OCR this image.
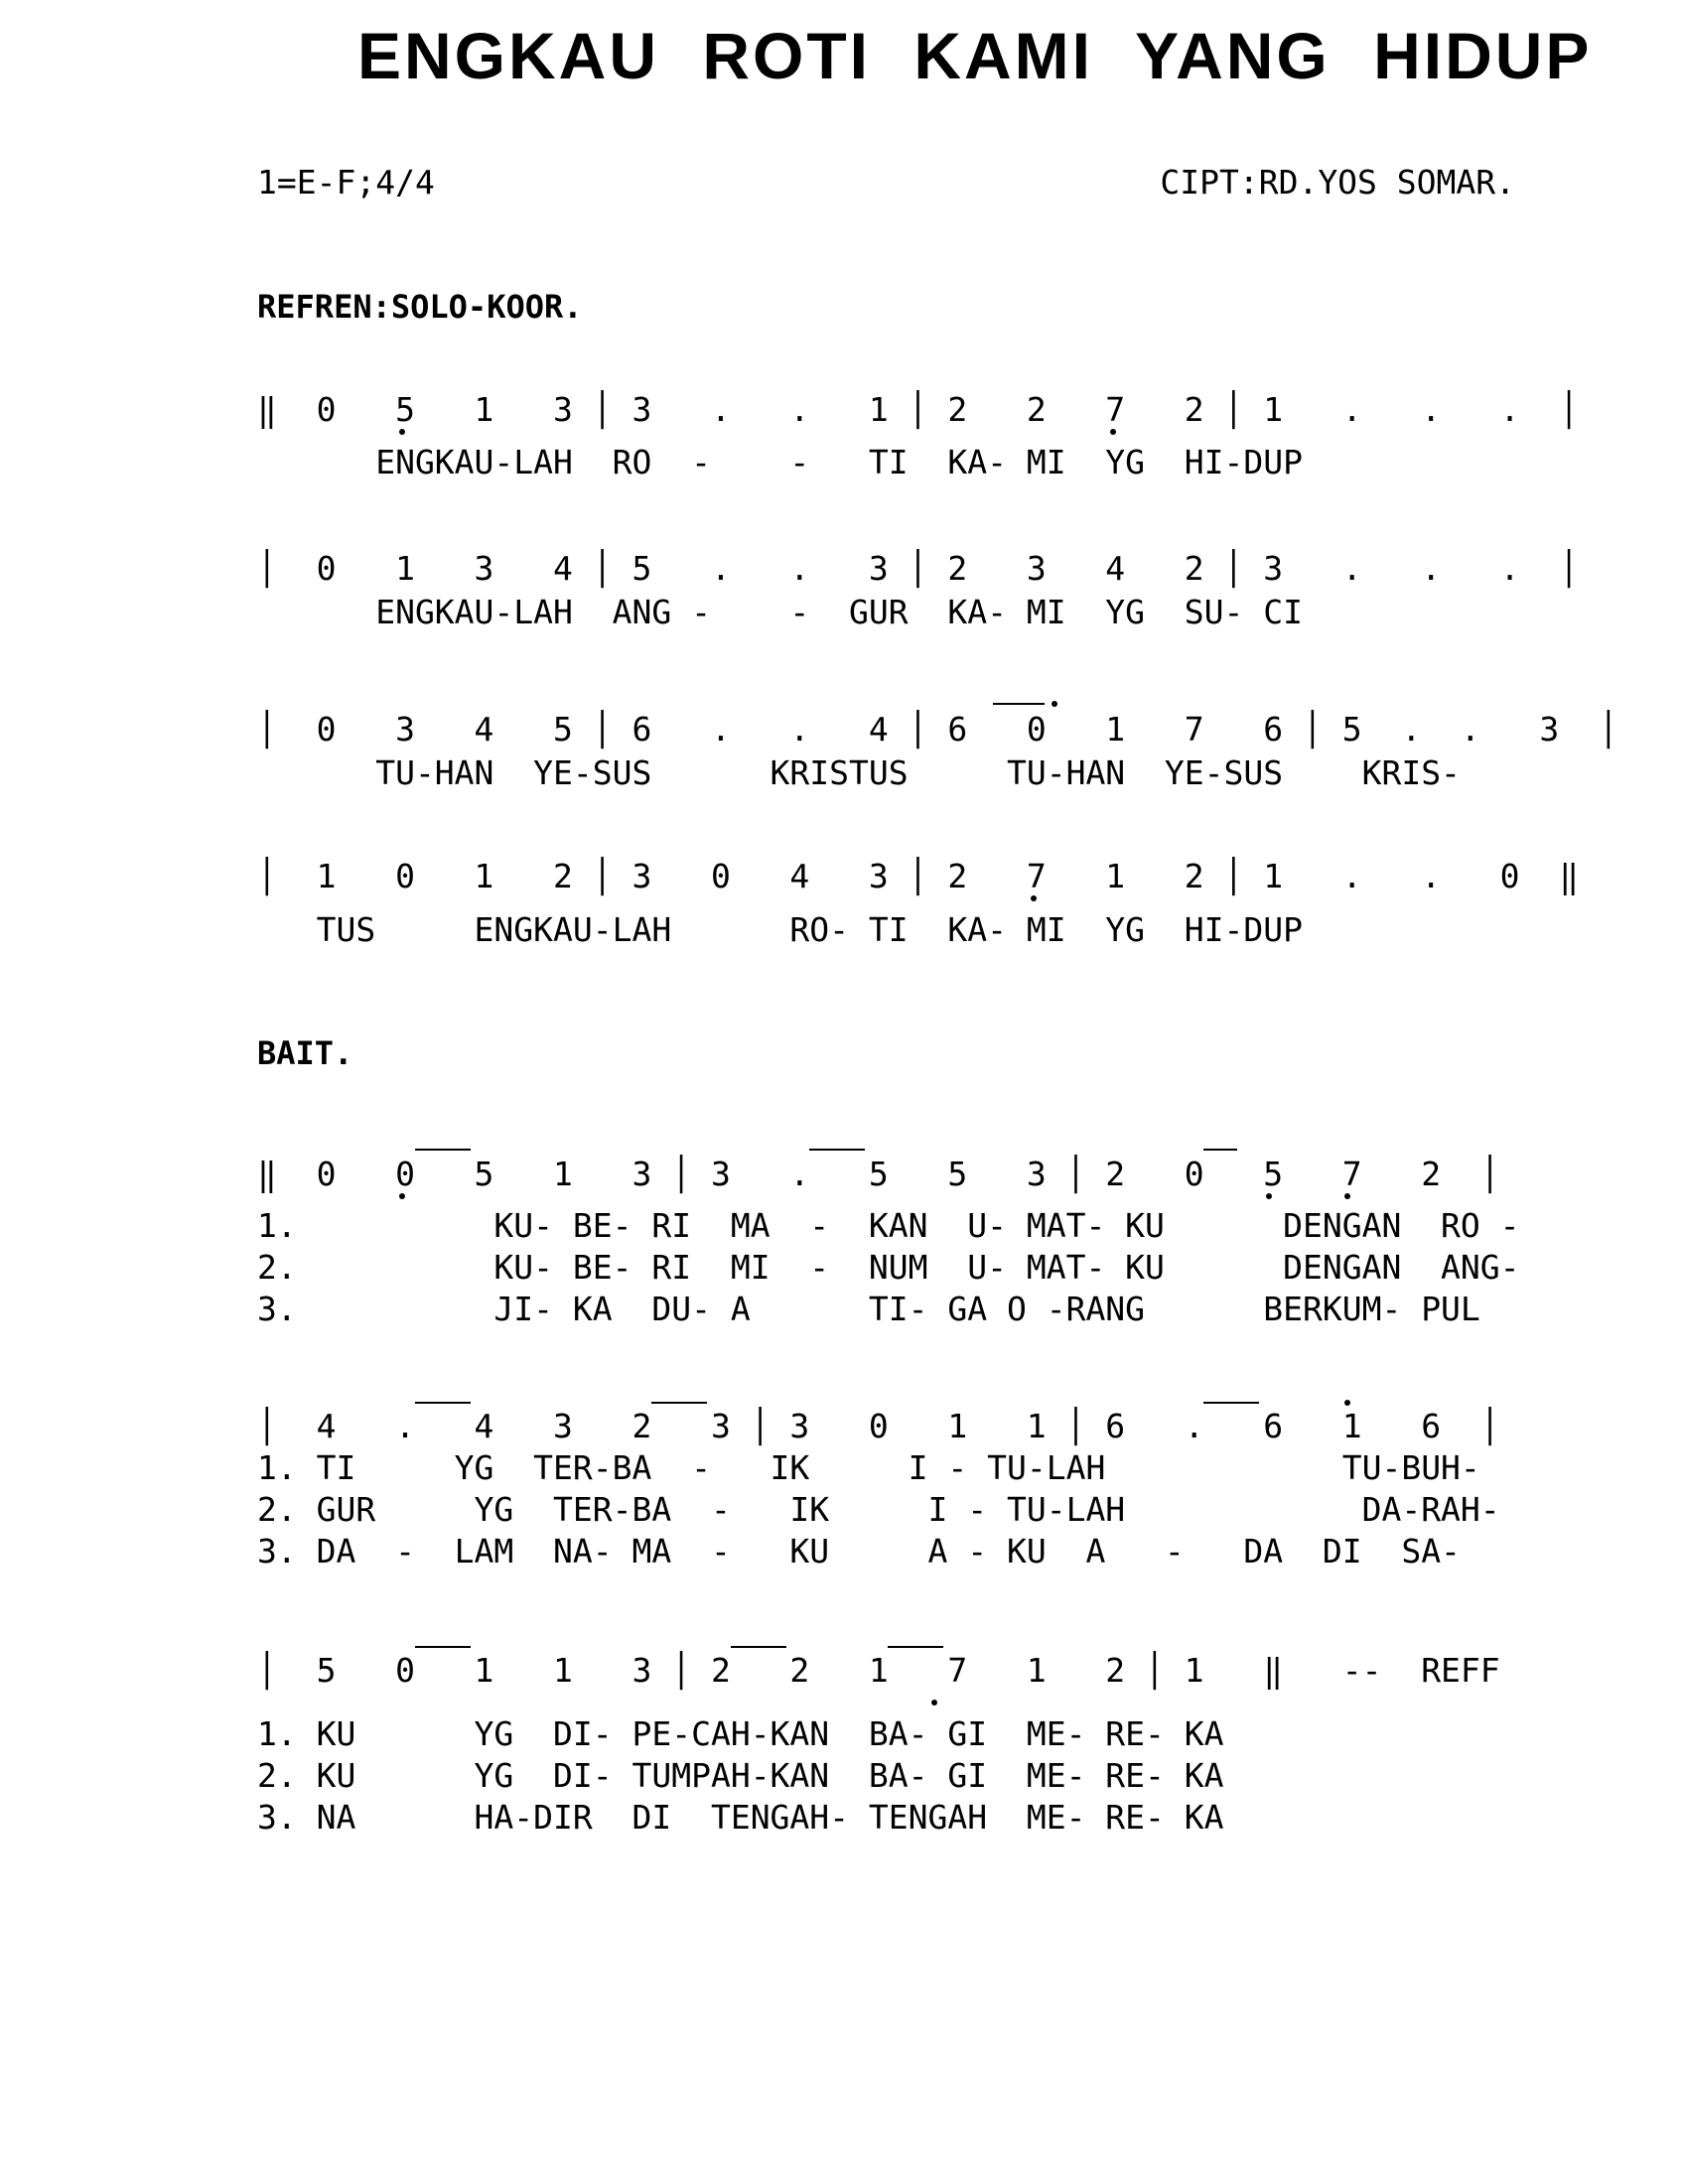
ENGKAU ROTI KAMI YANG HIDUP
1=E-F;4/4	CIPT:RD.YOS SOMAR.
REFREN:SOLO-KOOR.
‖  0   5   1   3 │ 3   .   .   1 │ 2   2   7   2 │ 1   .   .   .  │
ENGKAU-LAH  RO  -    -   TI  KA- MI  YG  HI-DUP
│  0   1   3   4 │ 5   .   .   3 │ 2   3   4   2 │ 3   .   .   .  │
ENGKAU-LAH  ANG -    -  GUR  KA- MI  YG  SU- CI
│  0   3   4   5 │ 6   .   .   4 │ 6   0   1   7   6 │ 5  .  .   3  │
TU-HAN  YE-SUS      KRISTUS     TU-HAN  YE-SUS    KRIS-
│  1   0   1   2 │ 3   0   4   3 │ 2   7   1   2 │ 1   .   .   0  ‖
TUS     ENGKAU-LAH      RO- TI  KA- MI  YG  HI-DUP
BAIT.
‖  0   0   5   1   3 │ 3   .   5   5   3 │ 2   0   5   7   2  │
1.          KU- BE- RI  MA  -  KAN  U- MAT- KU      DENGAN  RO -
2.          KU- BE- RI  MI  -  NUM  U- MAT- KU      DENGAN  ANG-
3.          JI- KA  DU- A      TI- GA O -RANG      BERKUM- PUL
│  4   .   4   3   2   3 │ 3   0   1   1 │ 6   .   6   1   6  │
1. TI     YG  TER-BA  -   IK     I - TU-LAH            TU-BUH-
2. GUR     YG  TER-BA  -   IK     I - TU-LAH            DA-RAH-
3. DA  -  LAM  NA- MA  -   KU     A - KU  A   -   DA  DI  SA-
│  5   0   1   1   3 │ 2   2   1   7   1   2 │ 1   ‖   --  REFF
1. KU      YG  DI- PE-CAH-KAN  BA- GI  ME- RE- KA
2. KU      YG  DI- TUMPAH-KAN  BA- GI  ME- RE- KA
3. NA      HA-DIR  DI  TENGAH- TENGAH  ME- RE- KA
